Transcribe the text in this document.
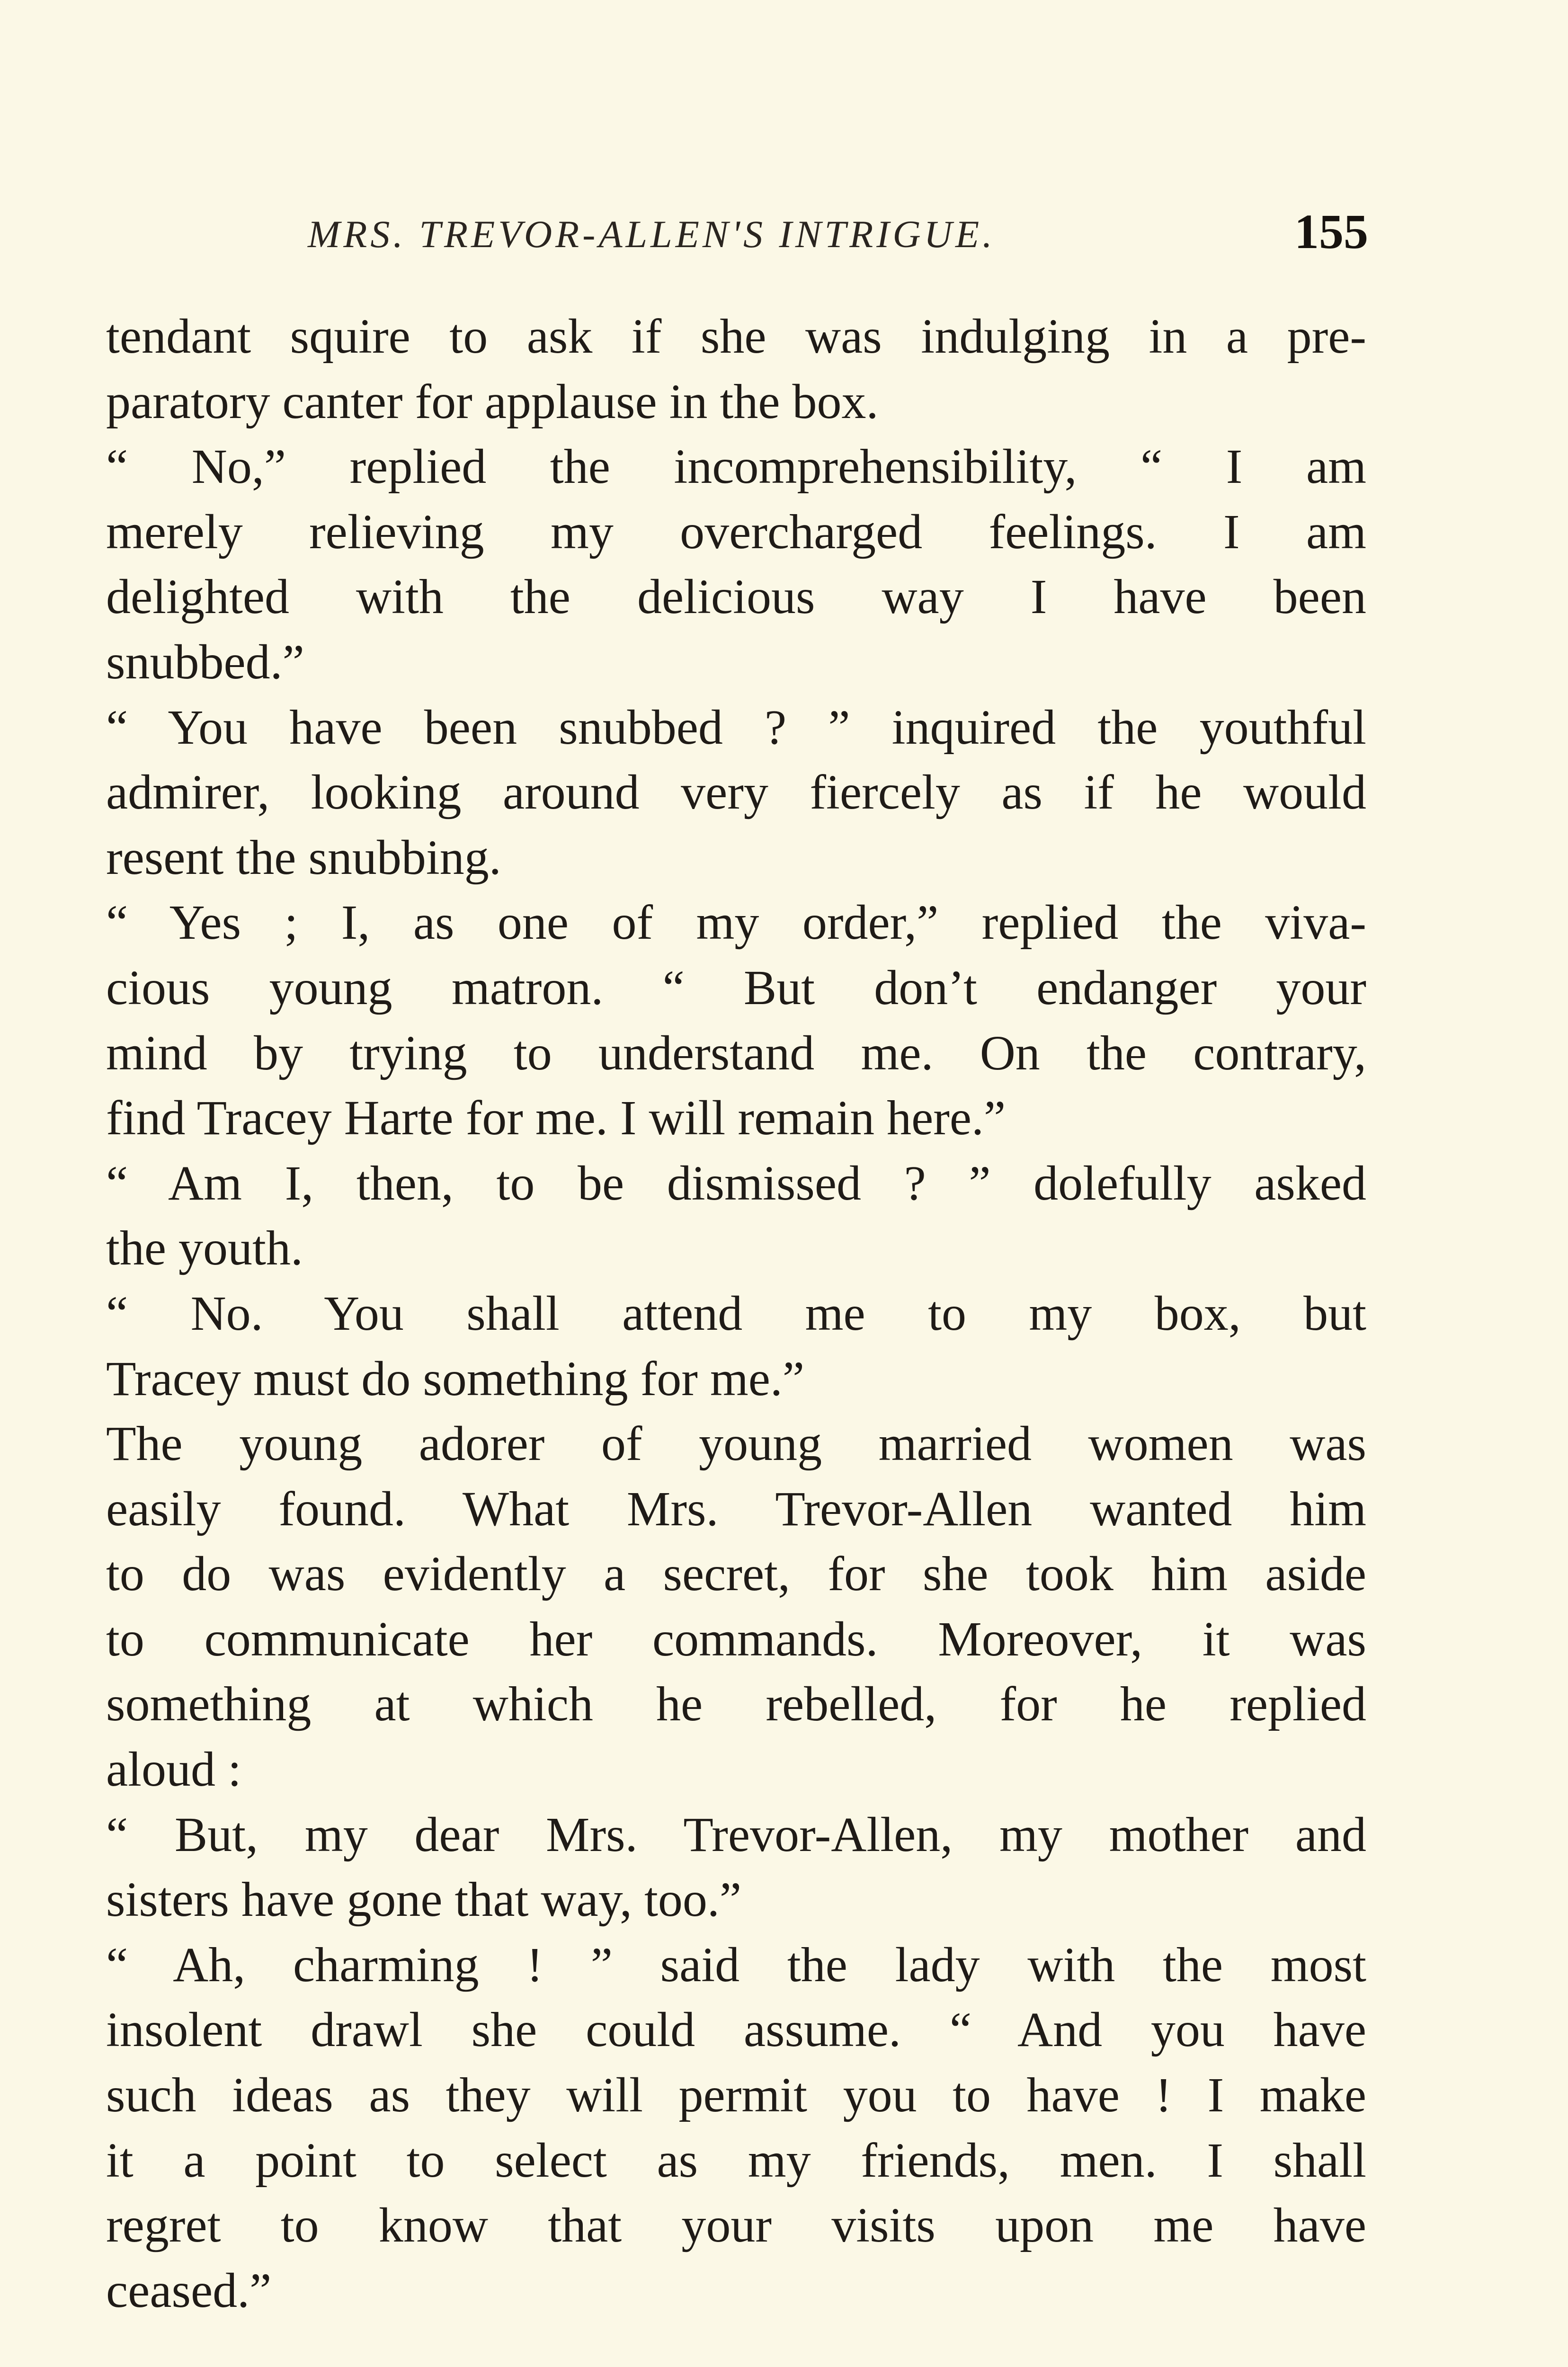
MRS. TREVOR-ALLEN'S INTRIGUE.	155
tendant squire to ask if she was indulging in a pre-
paratory canter for applause in the box.
“ No,” replied the incomprehensibility, “ I am
merely relieving my overcharged feelings. I am
delighted with the delicious way I have been
snubbed.”
“ You have been snubbed ? ” inquired the youthful
admirer, looking around very fiercely as if he would
resent the snubbing.
“ Yes ; I, as one of my order,” replied the viva-
cious young matron. “ But don’t endanger your
mind by trying to understand me. On the contrary,
find Tracey Harte for me. I will remain here.”
“ Am I, then, to be dismissed ? ” dolefully asked
the youth.
“ No. You shall attend me to my box, but
Tracey must do something for me.”
The young adorer of young married women was
easily found. What Mrs. Trevor-Allen wanted him
to do was evidently a secret, for she took him aside
to communicate her commands. Moreover, it was
something at which he rebelled, for he replied
aloud :
“ But, my dear Mrs. Trevor-Allen, my mother and
sisters have gone that way, too.”
“ Ah, charming ! ” said the lady with the most
insolent drawl she could assume. “ And you have
such ideas as they will permit you to have ! I make
it a point to select as my friends, men. I shall
regret to know that your visits upon me have
ceased.”
